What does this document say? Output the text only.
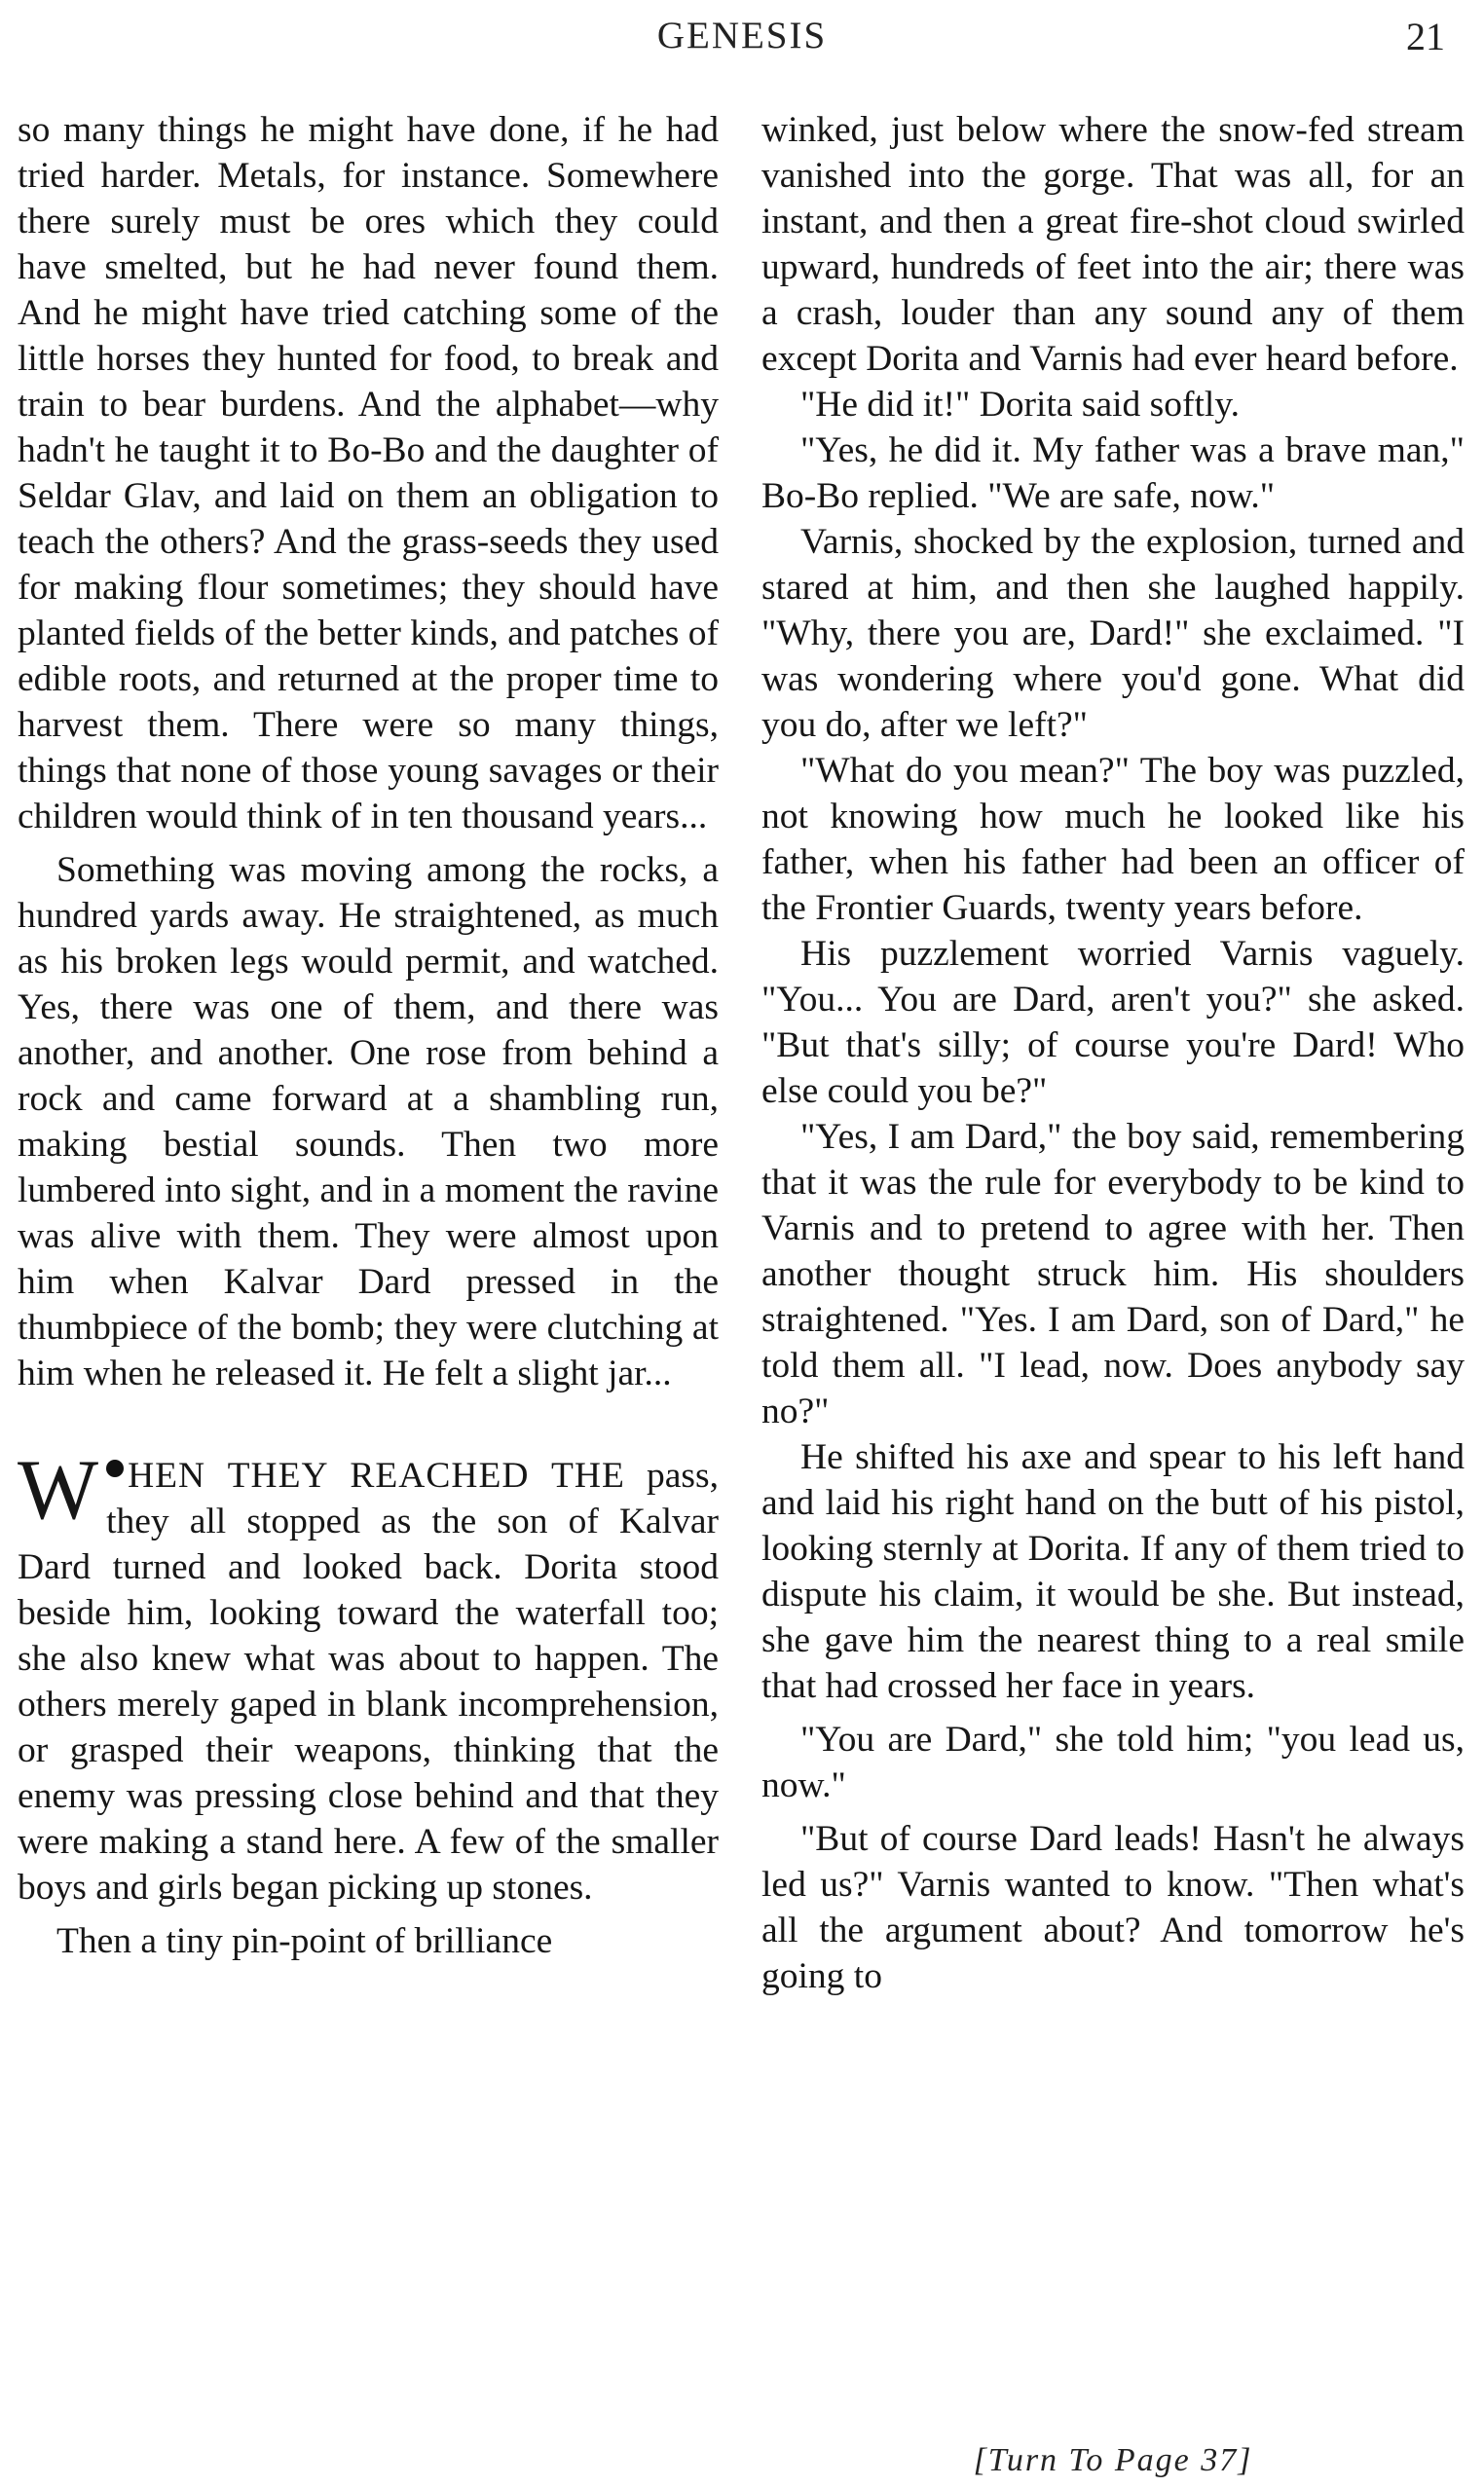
GENESIS	21

so many things he might have done, if he had tried harder. Metals, for instance. Somewhere there surely must be ores which they could have smelted, but he had never found them. And he might have tried catching some of the little horses they hunted for food, to break and train to bear burdens. And the alphabet—why hadn't he taught it to Bo-Bo and the daughter of Seldar Glav, and laid on them an obligation to teach the others? And the grass-seeds they used for making flour sometimes; they should have planted fields of the better kinds, and patches of edible roots, and returned at the proper time to harvest them. There were so many things, things that none of those young savages or their children would think of in ten thousand years...

Something was moving among the rocks, a hundred yards away. He straightened, as much as his broken legs would permit, and watched. Yes, there was one of them, and there was another, and another. One rose from behind a rock and came forward at a shambling run, making bestial sounds. Then two more lumbered into sight, and in a moment the ravine was alive with them. They were almost upon him when Kalvar Dard pressed in the thumbpiece of the bomb; they were clutching at him when he released it. He felt a slight jar...

WHEN THEY REACHED THE pass, they all stopped as the son of Kalvar Dard turned and looked back. Dorita stood beside him, looking toward the waterfall too; she also knew what was about to happen. The others merely gaped in blank incomprehension, or grasped their weapons, thinking that the enemy was pressing close behind and that they were making a stand here. A few of the smaller boys and girls began picking up stones.

Then a tiny pin-point of brilliance

winked, just below where the snow-fed stream vanished into the gorge. That was all, for an instant, and then a great fire-shot cloud swirled upward, hundreds of feet into the air; there was a crash, louder than any sound any of them except Dorita and Varnis had ever heard before.

"He did it!" Dorita said softly.

"Yes, he did it. My father was a brave man," Bo-Bo replied. "We are safe, now."

Varnis, shocked by the explosion, turned and stared at him, and then she laughed happily. "Why, there you are, Dard!" she exclaimed. "I was wondering where you'd gone. What did you do, after we left?"

"What do you mean?" The boy was puzzled, not knowing how much he looked like his father, when his father had been an officer of the Frontier Guards, twenty years before.

His puzzlement worried Varnis vaguely. "You... You are Dard, aren't you?" she asked. "But that's silly; of course you're Dard! Who else could you be?"

"Yes, I am Dard," the boy said, remembering that it was the rule for everybody to be kind to Varnis and to pretend to agree with her. Then another thought struck him. His shoulders straightened. "Yes. I am Dard, son of Dard," he told them all. "I lead, now. Does anybody say no?"

He shifted his axe and spear to his left hand and laid his right hand on the butt of his pistol, looking sternly at Dorita. If any of them tried to dispute his claim, it would be she. But instead, she gave him the nearest thing to a real smile that had crossed her face in years.

"You are Dard," she told him; "you lead us, now."

"But of course Dard leads! Hasn't he always led us?" Varnis wanted to know. "Then what's all the argument about? And tomorrow he's going to

[Turn To Page 37]
